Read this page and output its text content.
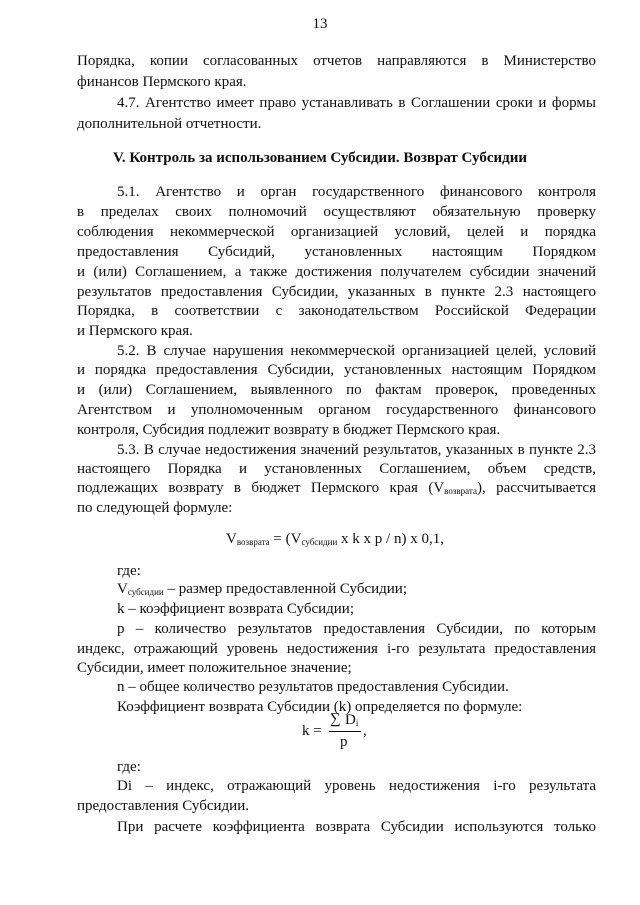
13
Порядка, копии согласованных отчетов направляются в Министерство
финансов Пермского края.
4.7. Агентство имеет право устанавливать в Соглашении сроки и формы
дополнительной отчетности.
V. Контроль за использованием Субсидии. Возврат Субсидии
5.1. Агентство и орган государственного финансового контроля
в пределах своих полномочий осуществляют обязательную проверку
соблюдения некоммерческой организацией условий, целей и порядка
предоставления Субсидий, установленных настоящим Порядком
и (или) Соглашением, а также достижения получателем субсидии значений
результатов предоставления Субсидии, указанных в пункте 2.3 настоящего
Порядка, в соответствии с законодательством Российской Федерации
и Пермского края.
5.2. В случае нарушения некоммерческой организацией целей, условий
и порядка предоставления Субсидии, установленных настоящим Порядком
и (или) Соглашением, выявленного по фактам проверок, проведенных
Агентством и уполномоченным органом государственного финансового
контроля, Субсидия подлежит возврату в бюджет Пермского края.
5.3. В случае недостижения значений результатов, указанных в пункте 2.3
настоящего Порядка и установленных Соглашением, объем средств,
подлежащих возврату в бюджет Пермского края $(V_{возврата})$, рассчитывается
по следующей формуле:
$V_{возврата} = (V_{субсидии}$ x k x p / n) x 0,1,
где:
$V_{субсидии}$ – размер предоставленной Субсидии;
k – коэффициент возврата Субсидии;
p – количество результатов предоставления Субсидии, по которым
индекс, отражающий уровень недостижения i-го результата предоставления
Субсидии, имеет положительное значение;
n – общее количество результатов предоставления Субсидии.
Коэффициент возврата Субсидии (k) определяется по формуле:
k =
∑ $D_i$
p
,
где:
Di – индекс, отражающий уровень недостижения i-го результата
предоставления Субсидии.
При расчете коэффициента возврата Субсидии используются только
